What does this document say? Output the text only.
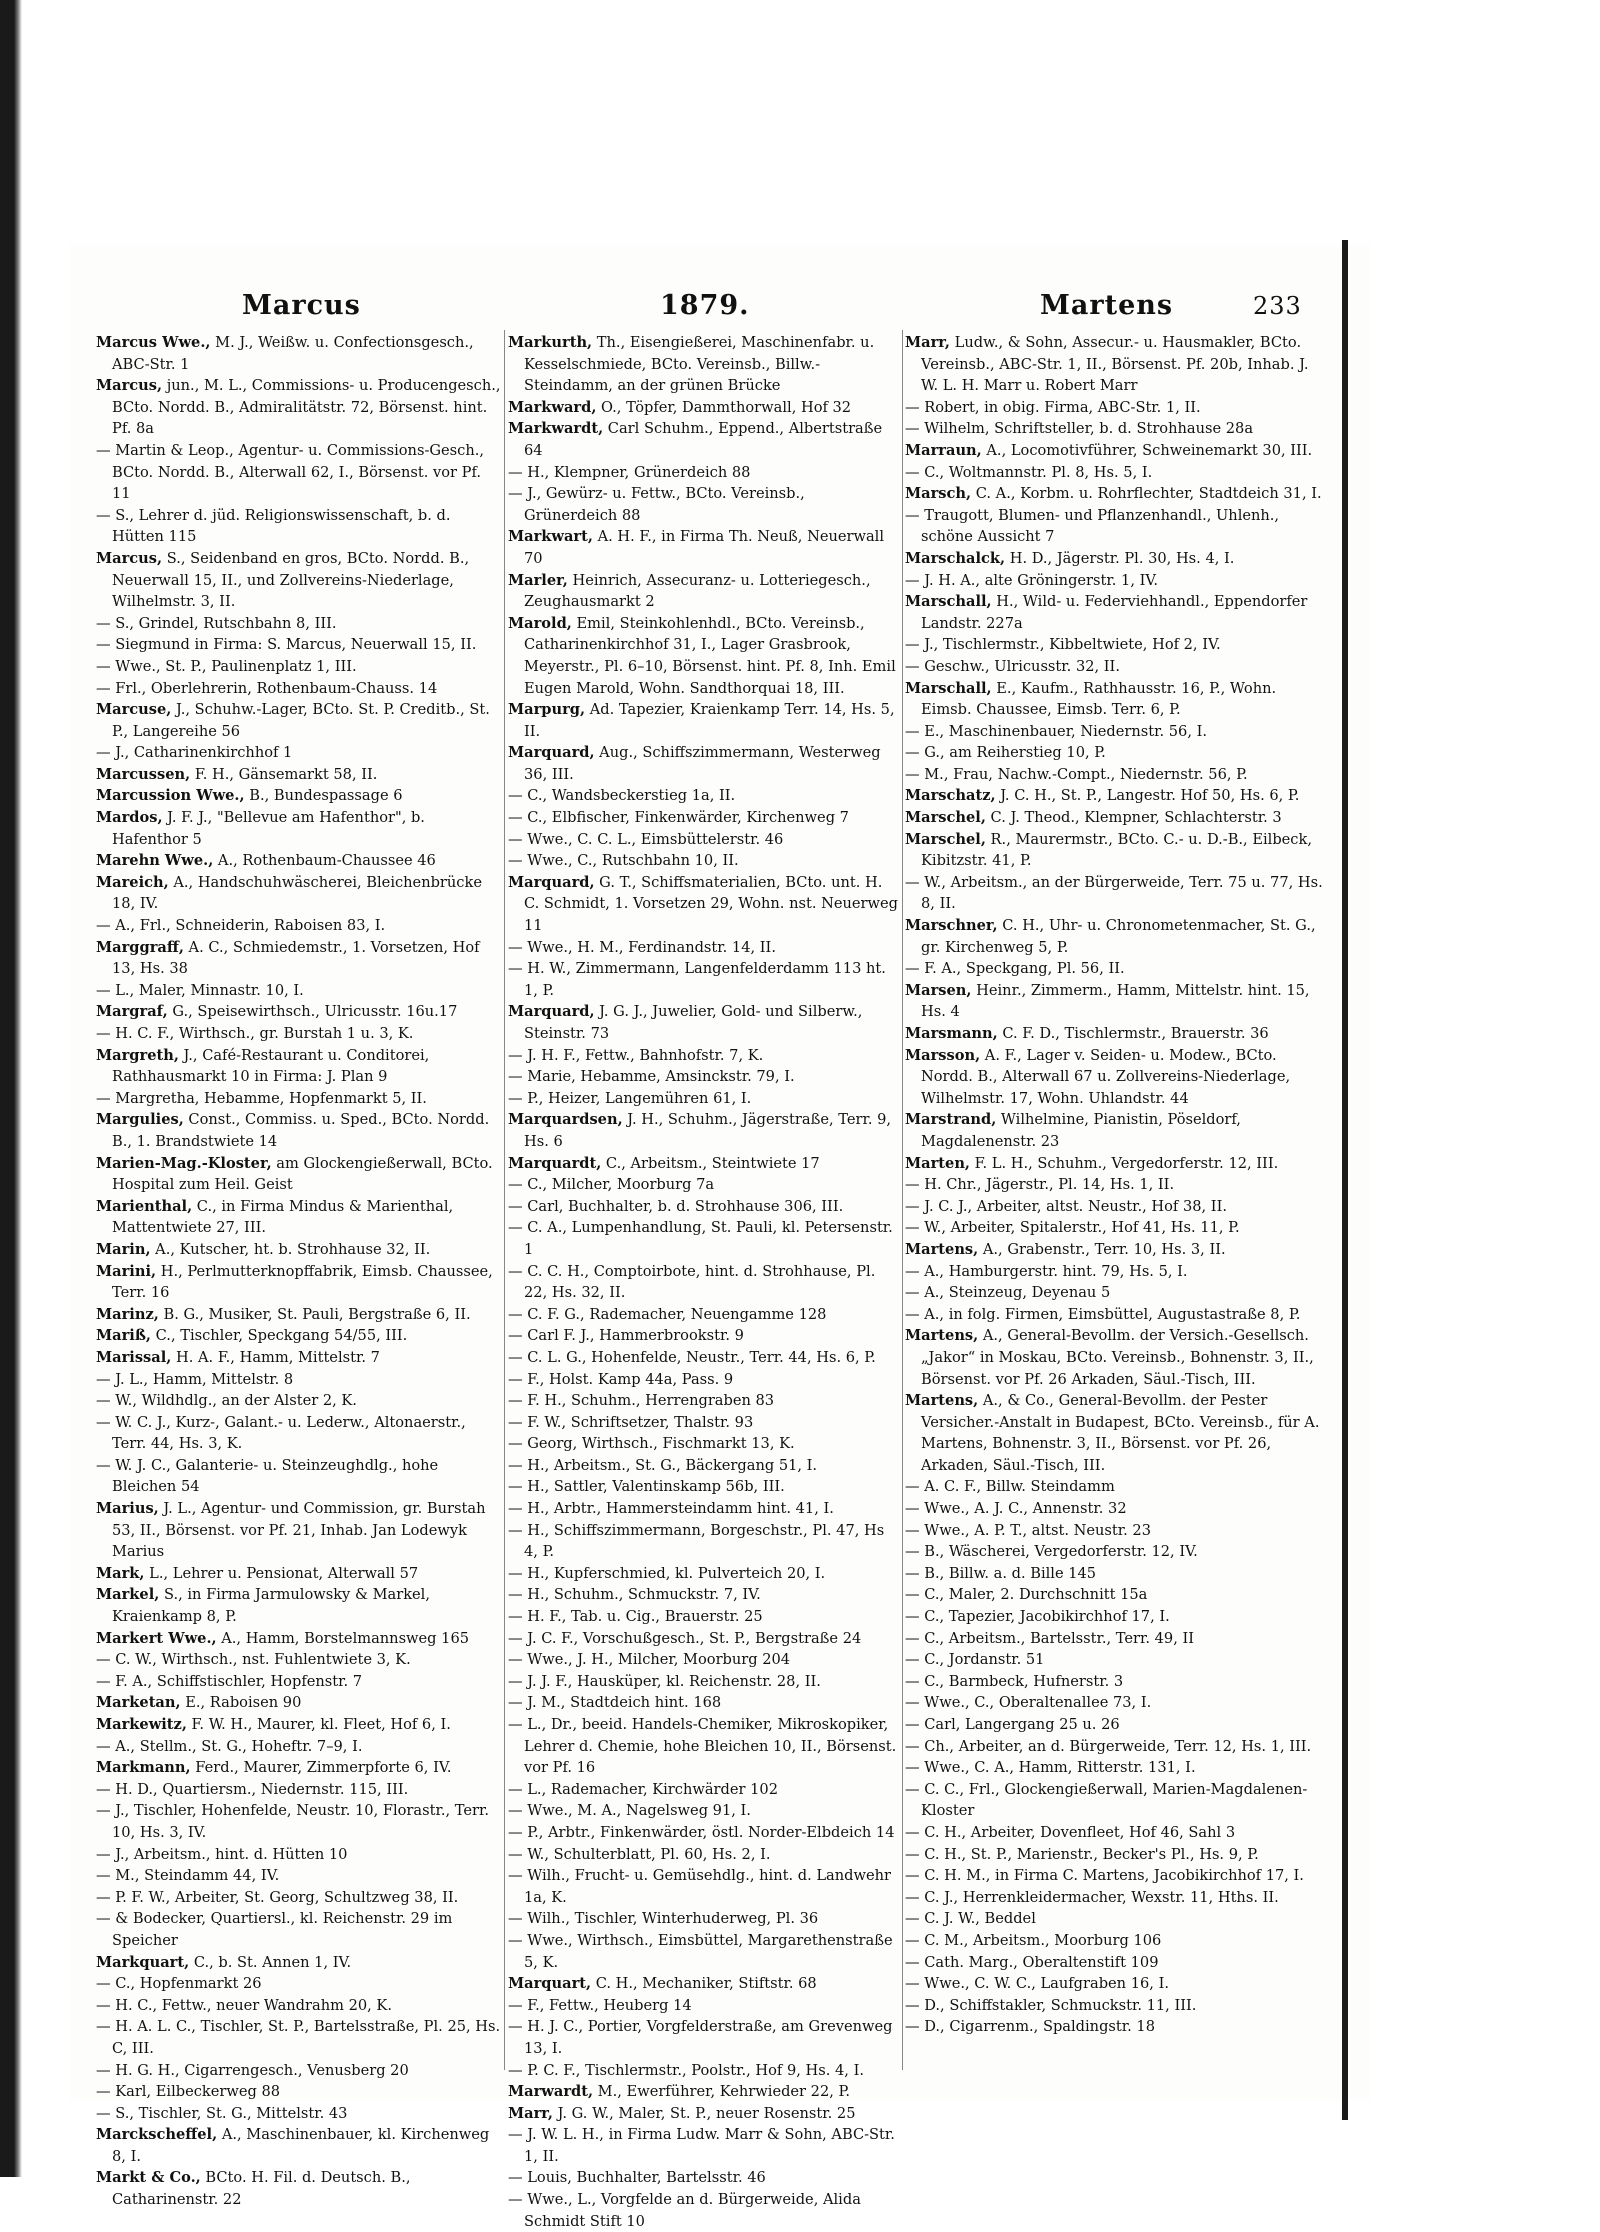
Marcus	1879.	Martens	233
Marcus Wwe., M. J., Weißw. u. Confectionsgesch., ABC-Str. 1
Marcus, jun., M. L., Commissions- u. Producengesch., BCto. Nordd. B., Admiralitätstr. 72, Börsenst. hint. Pf. 8a
— Martin & Leop., Agentur- u. Commissions-Gesch., BCto. Nordd. B., Alterwall 62, I., Börsenst. vor Pf. 11
— S., Lehrer d. jüd. Religionswissenschaft, b. d. Hütten 115
Marcus, S., Seidenband en gros, BCto. Nordd. B., Neuerwall 15, II., und Zollvereins-Niederlage, Wilhelmstr. 3, II.
— S., Grindel, Rutschbahn 8, III.
— Siegmund in Firma: S. Marcus, Neuerwall 15, II.
— Wwe., St. P., Paulinenplatz 1, III.
— Frl., Oberlehrerin, Rothenbaum-Chauss. 14
Marcuse, J., Schuhw.-Lager, BCto. St. P. Creditb., St. P., Langereihe 56
— J., Catharinenkirchhof 1
Marcussen, F. H., Gänsemarkt 58, II.
Marcussion Wwe., B., Bundespassage 6
Mardos, J. F. J., "Bellevue am Hafenthor", b. Hafenthor 5
Marehn Wwe., A., Rothenbaum-Chaussee 46
Mareich, A., Handschuhwäscherei, Bleichenbrücke 18, IV.
— A., Frl., Schneiderin, Raboisen 83, I.
Marggraff, A. C., Schmiedemstr., 1. Vorsetzen, Hof 13, Hs. 38
— L., Maler, Minnastr. 10, I.
Margraf, G., Speisewirthsch., Ulricusstr. 16u.17
— H. C. F., Wirthsch., gr. Burstah 1 u. 3, K.
Margreth, J., Café-Restaurant u. Conditorei, Rathhausmarkt 10 in Firma: J. Plan 9
— Margretha, Hebamme, Hopfenmarkt 5, II.
Margulies, Const., Commiss. u. Sped., BCto. Nordd. B., 1. Brandstwiete 14
Marien-Mag.-Kloster, am Glockengießerwall, BCto. Hospital zum Heil. Geist
Marienthal, C., in Firma Mindus & Marienthal, Mattentwiete 27, III.
Marin, A., Kutscher, ht. b. Strohhause 32, II.
Marini, H., Perlmutterknopffabrik, Eimsb. Chaussee, Terr. 16
Marinz, B. G., Musiker, St. Pauli, Bergstraße 6, II.
Mariß, C., Tischler, Speckgang 54/55, III.
Marissal, H. A. F., Hamm, Mittelstr. 7
— J. L., Hamm, Mittelstr. 8
— W., Wildhdlg., an der Alster 2, K.
— W. C. J., Kurz-, Galant.- u. Lederw., Altonaerstr., Terr. 44, Hs. 3, K.
— W. J. C., Galanterie- u. Steinzeughdlg., hohe Bleichen 54
Marius, J. L., Agentur- und Commission, gr. Burstah 53, II., Börsenst. vor Pf. 21, Inhab. Jan Lodewyk Marius
Mark, L., Lehrer u. Pensionat, Alterwall 57
Markel, S., in Firma Jarmulowsky & Markel, Kraienkamp 8, P.
Markert Wwe., A., Hamm, Borstelmannsweg 165
— C. W., Wirthsch., nst. Fuhlentwiete 3, K.
— F. A., Schiffstischler, Hopfenstr. 7
Marketan, E., Raboisen 90
Markewitz, F. W. H., Maurer, kl. Fleet, Hof 6, I.
— A., Stellm., St. G., Hoheftr. 7–9, I.
Markmann, Ferd., Maurer, Zimmerpforte 6, IV.
— H. D., Quartiersm., Niedernstr. 115, III.
— J., Tischler, Hohenfelde, Neustr. 10, Florastr., Terr. 10, Hs. 3, IV.
— J., Arbeitsm., hint. d. Hütten 10
— M., Steindamm 44, IV.
— P. F. W., Arbeiter, St. Georg, Schultzweg 38, II.
— & Bodecker, Quartiersl., kl. Reichenstr. 29 im Speicher
Markquart, C., b. St. Annen 1, IV.
— C., Hopfenmarkt 26
— H. C., Fettw., neuer Wandrahm 20, K.
— H. A. L. C., Tischler, St. P., Bartelsstraße, Pl. 25, Hs. C, III.
— H. G. H., Cigarrengesch., Venusberg 20
— Karl, Eilbeckerweg 88
— S., Tischler, St. G., Mittelstr. 43
Marckscheffel, A., Maschinenbauer, kl. Kirchenweg 8, I.
Markt & Co., BCto. H. Fil. d. Deutsch. B., Catharinenstr. 22
Markurth, Th., Eisengießerei, Maschinenfabr. u. Kesselschmiede, BCto. Vereinsb., Billw.-Steindamm, an der grünen Brücke
Markward, O., Töpfer, Dammthorwall, Hof 32
Markwardt, Carl Schuhm., Eppend., Albertstraße 64
— H., Klempner, Grünerdeich 88
— J., Gewürz- u. Fettw., BCto. Vereinsb., Grünerdeich 88
Markwart, A. H. F., in Firma Th. Neuß, Neuerwall 70
Marler, Heinrich, Assecuranz- u. Lotteriegesch., Zeughausmarkt 2
Marold, Emil, Steinkohlenhdl., BCto. Vereinsb., Catharinenkirchhof 31, I., Lager Grasbrook, Meyerstr., Pl. 6–10, Börsenst. hint. Pf. 8, Inh. Emil Eugen Marold, Wohn. Sandthorquai 18, III.
Marpurg, Ad. Tapezier, Kraienkamp Terr. 14, Hs. 5, II.
Marquard, Aug., Schiffszimmermann, Westerweg 36, III.
— C., Wandsbeckerstieg 1a, II.
— C., Elbfischer, Finkenwärder, Kirchenweg 7
— Wwe., C. C. L., Eimsbüttelerstr. 46
— Wwe., C., Rutschbahn 10, II.
Marquard, G. T., Schiffsmaterialien, BCto. unt. H. C. Schmidt, 1. Vorsetzen 29, Wohn. nst. Neuerweg 11
— Wwe., H. M., Ferdinandstr. 14, II.
— H. W., Zimmermann, Langenfelderdamm 113 ht. 1, P.
Marquard, J. G. J., Juwelier, Gold- und Silberw., Steinstr. 73
— J. H. F., Fettw., Bahnhofstr. 7, K.
— Marie, Hebamme, Amsinckstr. 79, I.
— P., Heizer, Langemühren 61, I.
Marquardsen, J. H., Schuhm., Jägerstraße, Terr. 9, Hs. 6
Marquardt, C., Arbeitsm., Steintwiete 17
— C., Milcher, Moorburg 7a
— Carl, Buchhalter, b. d. Strohhause 306, III.
— C. A., Lumpenhandlung, St. Pauli, kl. Petersenstr. 1
— C. C. H., Comptoirbote, hint. d. Strohhause, Pl. 22, Hs. 32, II.
— C. F. G., Rademacher, Neuengamme 128
— Carl F. J., Hammerbrookstr. 9
— C. L. G., Hohenfelde, Neustr., Terr. 44, Hs. 6, P.
— F., Holst. Kamp 44a, Pass. 9
— F. H., Schuhm., Herrengraben 83
— F. W., Schriftsetzer, Thalstr. 93
— Georg, Wirthsch., Fischmarkt 13, K.
— H., Arbeitsm., St. G., Bäckergang 51, I.
— H., Sattler, Valentinskamp 56b, III.
— H., Arbtr., Hammersteindamm hint. 41, I.
— H., Schiffszimmermann, Borgeschstr., Pl. 47, Hs 4, P.
— H., Kupferschmied, kl. Pulverteich 20, I.
— H., Schuhm., Schmuckstr. 7, IV.
— H. F., Tab. u. Cig., Brauerstr. 25
— J. C. F., Vorschußgesch., St. P., Bergstraße 24
— Wwe., J. H., Milcher, Moorburg 204
— J. J. F., Hausküper, kl. Reichenstr. 28, II.
— J. M., Stadtdeich hint. 168
— L., Dr., beeid. Handels-Chemiker, Mikroskopiker, Lehrer d. Chemie, hohe Bleichen 10, II., Börsenst. vor Pf. 16
— L., Rademacher, Kirchwärder 102
— Wwe., M. A., Nagelsweg 91, I.
— P., Arbtr., Finkenwärder, östl. Norder-Elbdeich 14
— W., Schulterblatt, Pl. 60, Hs. 2, I.
— Wilh., Frucht- u. Gemüsehdlg., hint. d. Landwehr 1a, K.
— Wilh., Tischler, Winterhuderweg, Pl. 36
— Wwe., Wirthsch., Eimsbüttel, Margarethenstraße 5, K.
Marquart, C. H., Mechaniker, Stiftstr. 68
— F., Fettw., Heuberg 14
— H. J. C., Portier, Vorgfelderstraße, am Grevenweg 13, I.
— P. C. F., Tischlermstr., Poolstr., Hof 9, Hs. 4, I.
Marwardt, M., Ewerführer, Kehrwieder 22, P.
Marr, J. G. W., Maler, St. P., neuer Rosenstr. 25
— J. W. L. H., in Firma Ludw. Marr & Sohn, ABC-Str. 1, II.
— Louis, Buchhalter, Bartelsstr. 46
— Wwe., L., Vorgfelde an d. Bürgerweide, Alida Schmidt Stift 10
Marr, Ludw., & Sohn, Assecur.- u. Hausmakler, BCto. Vereinsb., ABC-Str. 1, II., Börsenst. Pf. 20b, Inhab. J. W. L. H. Marr u. Robert Marr
— Robert, in obig. Firma, ABC-Str. 1, II.
— Wilhelm, Schriftsteller, b. d. Strohhause 28a
Marraun, A., Locomotivführer, Schweinemarkt 30, III.
— C., Woltmannstr. Pl. 8, Hs. 5, I.
Marsch, C. A., Korbm. u. Rohrflechter, Stadtdeich 31, I.
— Traugott, Blumen- und Pflanzenhandl., Uhlenh., schöne Aussicht 7
Marschalck, H. D., Jägerstr. Pl. 30, Hs. 4, I.
— J. H. A., alte Gröningerstr. 1, IV.
Marschall, H., Wild- u. Federviehhandl., Eppendorfer Landstr. 227a
— J., Tischlermstr., Kibbeltwiete, Hof 2, IV.
— Geschw., Ulricusstr. 32, II.
Marschall, E., Kaufm., Rathhausstr. 16, P., Wohn. Eimsb. Chaussee, Eimsb. Terr. 6, P.
— E., Maschinenbauer, Niedernstr. 56, I.
— G., am Reiherstieg 10, P.
— M., Frau, Nachw.-Compt., Niedernstr. 56, P.
Marschatz, J. C. H., St. P., Langestr. Hof 50, Hs. 6, P.
Marschel, C. J. Theod., Klempner, Schlachterstr. 3
Marschel, R., Maurermstr., BCto. C.- u. D.-B., Eilbeck, Kibitzstr. 41, P.
— W., Arbeitsm., an der Bürgerweide, Terr. 75 u. 77, Hs. 8, II.
Marschner, C. H., Uhr- u. Chronometenmacher, St. G., gr. Kirchenweg 5, P.
— F. A., Speckgang, Pl. 56, II.
Marsen, Heinr., Zimmerm., Hamm, Mittelstr. hint. 15, Hs. 4
Marsmann, C. F. D., Tischlermstr., Brauerstr. 36
Marsson, A. F., Lager v. Seiden- u. Modew., BCto. Nordd. B., Alterwall 67 u. Zollvereins-Niederlage, Wilhelmstr. 17, Wohn. Uhlandstr. 44
Marstrand, Wilhelmine, Pianistin, Pöseldorf, Magdalenenstr. 23
Marten, F. L. H., Schuhm., Vergedorferstr. 12, III.
— H. Chr., Jägerstr., Pl. 14, Hs. 1, II.
— J. C. J., Arbeiter, altst. Neustr., Hof 38, II.
— W., Arbeiter, Spitalerstr., Hof 41, Hs. 11, P.
Martens, A., Grabenstr., Terr. 10, Hs. 3, II.
— A., Hamburgerstr. hint. 79, Hs. 5, I.
— A., Steinzeug, Deyenau 5
— A., in folg. Firmen, Eimsbüttel, Augustastraße 8, P.
Martens, A., General-Bevollm. der Versich.-Gesellsch. „Jakor“ in Moskau, BCto. Vereinsb., Bohnenstr. 3, II., Börsenst. vor Pf. 26 Arkaden, Säul.-Tisch, III.
Martens, A., & Co., General-Bevollm. der Pester Versicher.-Anstalt in Budapest, BCto. Vereinsb., für A. Martens, Bohnenstr. 3, II., Börsenst. vor Pf. 26, Arkaden, Säul.-Tisch, III.
— A. C. F., Billw. Steindamm
— Wwe., A. J. C., Annenstr. 32
— Wwe., A. P. T., altst. Neustr. 23
— B., Wäscherei, Vergedorferstr. 12, IV.
— B., Billw. a. d. Bille 145
— C., Maler, 2. Durchschnitt 15a
— C., Tapezier, Jacobikirchhof 17, I.
— C., Arbeitsm., Bartelsstr., Terr. 49, II
— C., Jordanstr. 51
— C., Barmbeck, Hufnerstr. 3
— Wwe., C., Oberaltenallee 73, I.
— Carl, Langergang 25 u. 26
— Ch., Arbeiter, an d. Bürgerweide, Terr. 12, Hs. 1, III.
— Wwe., C. A., Hamm, Ritterstr. 131, I.
— C. C., Frl., Glockengießerwall, Marien-Magdalenen-Kloster
— C. H., Arbeiter, Dovenfleet, Hof 46, Sahl 3
— C. H., St. P., Marienstr., Becker's Pl., Hs. 9, P.
— C. H. M., in Firma C. Martens, Jacobikirchhof 17, I.
— C. J., Herrenkleidermacher, Wexstr. 11, Hths. II.
— C. J. W., Beddel
— C. M., Arbeitsm., Moorburg 106
— Cath. Marg., Oberaltenstift 109
— Wwe., C. W. C., Laufgraben 16, I.
— D., Schiffstakler, Schmuckstr. 11, III.
— D., Cigarrenm., Spaldingstr. 18
